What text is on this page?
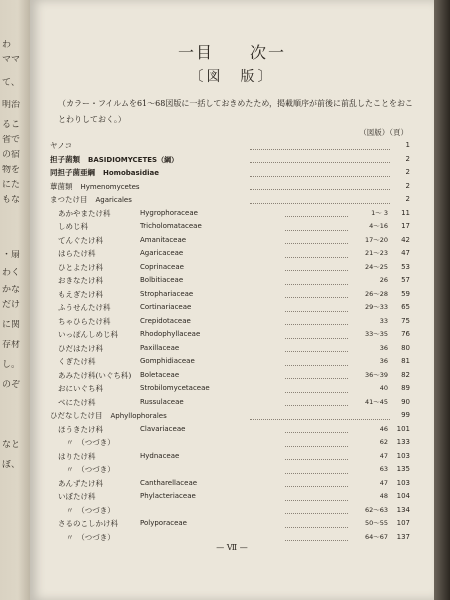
わ
ママ
て、
明治
るこ
省で
の宿
物を
にた
もな
・扇
わく
かな
だけ
に関
存材
し。
のぞ
なと
ぼ、
一目　　次一
〔図　版〕
（カラー・フイルムを61～68図版に一括しておきめたため，掲載順序が前後に前乱したことをおことわりしておく。）
（図版）（頁）
ヤノコ	1
担子菌類 BASIDIOMYCETES（綱）	2
同担子菌亜綱 Homobasidiae	2
蕈菌類 Hymenomycetes	2
まつたけ目 Agaricales	2
あかやまたけ科	Hygrophoraceae	1～ 3	11
しめじ科	Tricholomataceae	4～16	17
てんぐたけ科	Amanitaceae	17～20	42
はらたけ科	Agaricaceae	21～23	47
ひとよたけ科	Coprinaceae	24～25	53
おきなたけ科	Bolbitiaceae	26	57
もえぎたけ科	Strophariaceae	26～28	59
ふうせんたけ科	Cortinariaceae	29～33	65
ちゃひらたけ科	Crepidotaceae	33	75
いっぽんしめじ科	Rhodophyllaceae	33～35	76
ひだはたけ科	Paxillaceae	36	80
くぎたけ科	Gomphidiaceae	36	81
あみたけ科(いぐち科) Boletaceae	36～39	82
おにいぐち科	Strobilomycetaceae	40	89
べにたけ科	Russulaceae	41～45	90
ひだなしたけ目 Aphyllophorales	99
ほうきたけ科	Clavariaceae	46	101
〃　（つづき）	62	133
はりたけ科	Hydnaceae	47	103
〃　（つづき）	63	135
あんずたけ科	Cantharellaceae	47	103
いぼたけ科	Phylacteriaceae	48	104
〃　（つづき）	62～63	134
さるのこしかけ科	Polyporaceae	50～55	107
〃　（つづき）	64～67	137
— Ⅶ —
